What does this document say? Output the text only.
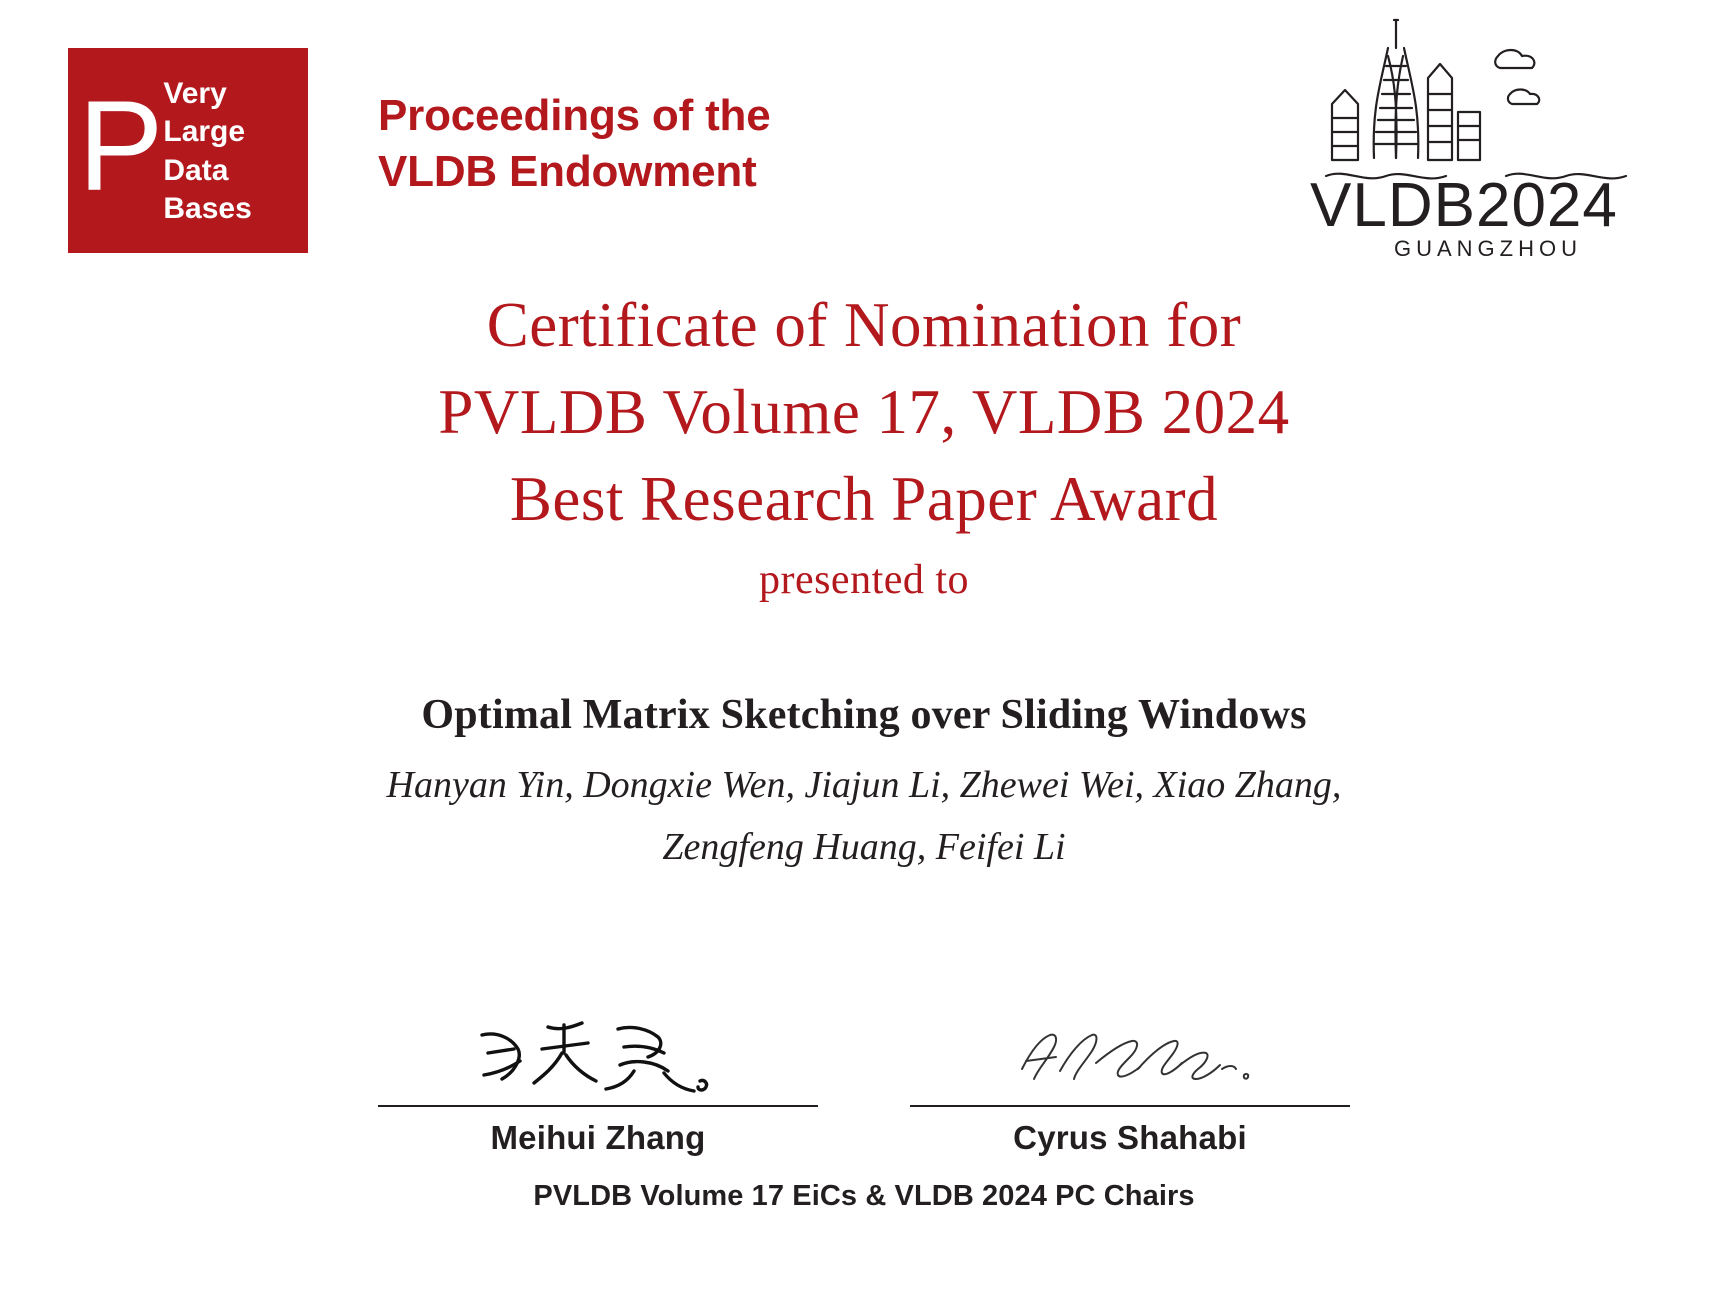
P Very
Large
Data
Bases
Proceedings of the
VLDB Endowment	VLDB2024
GUANGZHOU
Certificate of Nomination for
PVLDB Volume 17, VLDB 2024
Best Research Paper Award
presented to
Optimal Matrix Sketching over Sliding Windows
Hanyan Yin, Dongxie Wen, Jiajun Li, Zhewei Wei, Xiao Zhang,
Zengfeng Huang, Feifei Li
Meihui Zhang	Cyrus Shahabi
PVLDB Volume 17 EiCs & VLDB 2024 PC Chairs
